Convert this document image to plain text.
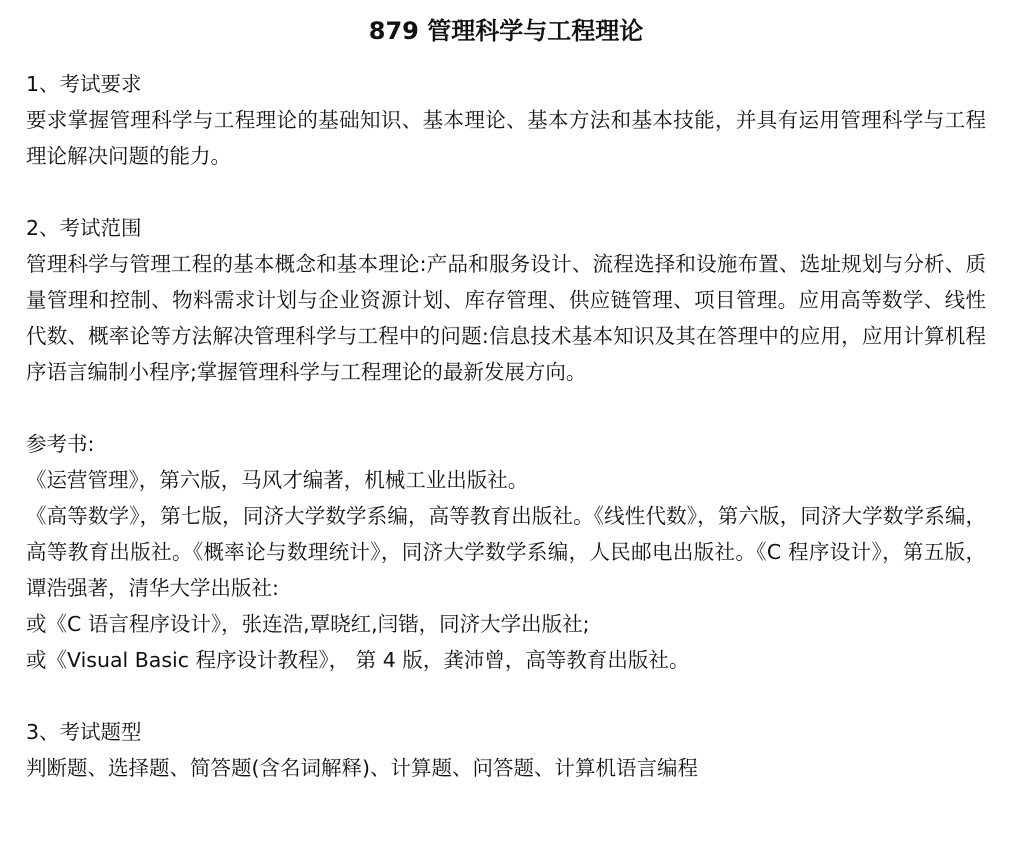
879 管理科学与工程理论

1、考试要求

要求掌握管理科学与工程理论的基础知识、基本理论、基本方法和基本技能，并具有运用管理科学与工程理论解决问题的能力。

2、考试范围

管理科学与管理工程的基本概念和基本理论:产品和服务设计、流程选择和设施布置、选址规划与分析、质量管理和控制、物料需求计划与企业资源计划、库存管理、供应链管理、项目管理。应用高等数学、线性代数、概率论等方法解决管理科学与工程中的问题:信息技术基本知识及其在答理中的应用，应用计算机程序语言编制小程序;掌握管理科学与工程理论的最新发展方向。

参考书:

《运营管理》，第六版，马风才编著，机械工业出版社。

《高等数学》，第七版，同济大学数学系编，高等教育出版社。《线性代数》，第六版，同济大学数学系编，高等教育出版社。《概率论与数理统计》，同济大学数学系编，人民邮电出版社。《C 程序设计》，第五版，谭浩强著，清华大学出版社:

或《C 语言程序设计》，张连浩,覃晓红,闫锴，同济大学出版社;

或《Visual Basic 程序设计教程》， 第 4 版，龚沛曾，高等教育出版社。

3、考试题型

判断题、选择题、简答题(含名词解释)、计算题、问答题、计算机语言编程
